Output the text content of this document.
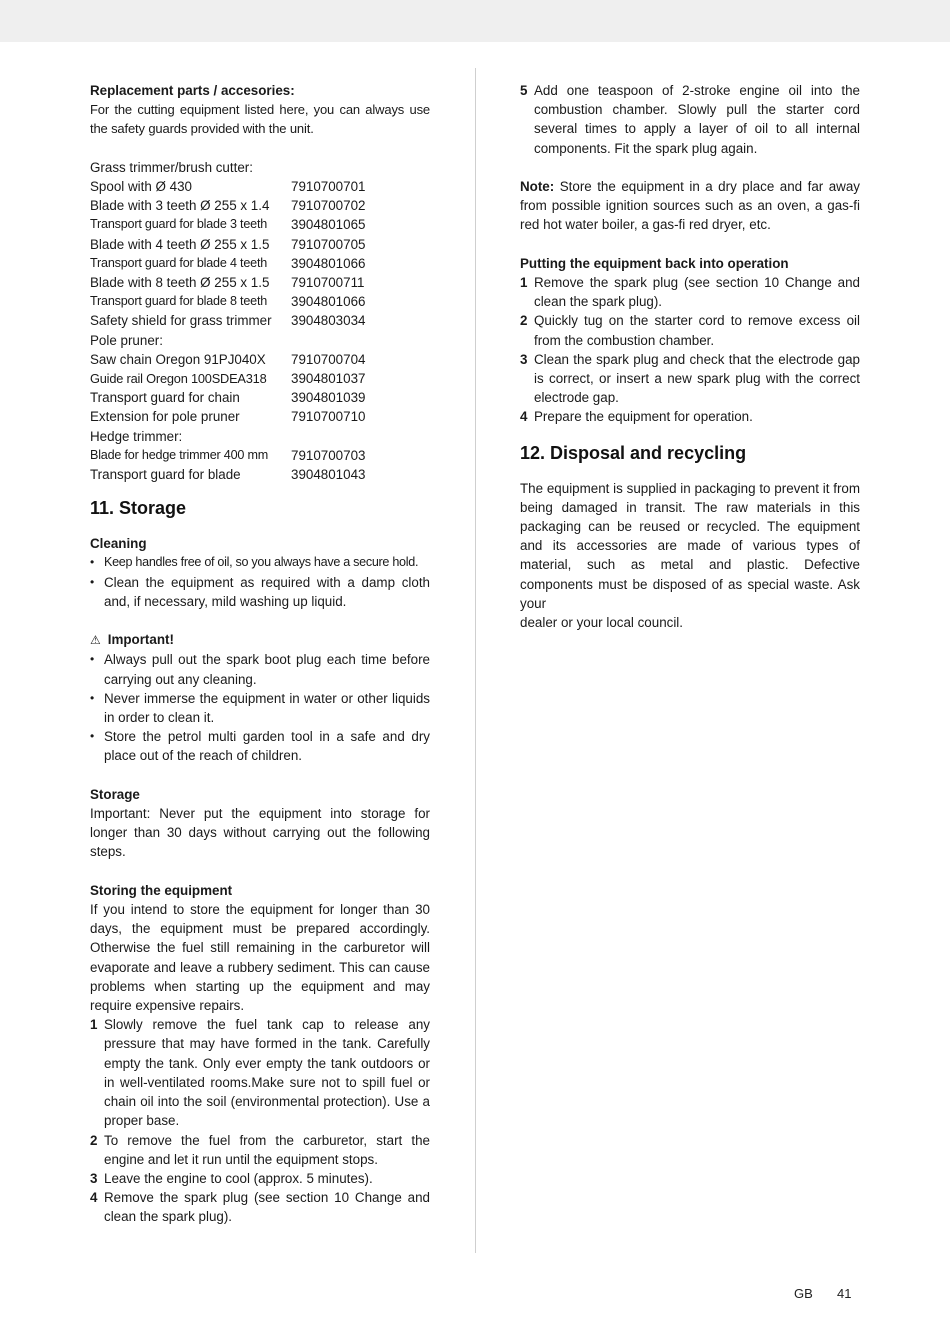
Replacement parts / accesories:
For the cutting equipment listed here, you can always use the safety guards provided with the unit.
Grass trimmer/brush cutter:
Spool with Ø 430	7910700701
Blade with 3 teeth Ø 255 x 1.4	7910700702
Transport guard for blade 3 teeth	3904801065
Blade with 4 teeth Ø 255 x 1.5	7910700705
Transport guard for blade 4 teeth	3904801066
Blade with 8 teeth Ø 255 x 1.5	7910700711
Transport guard for blade 8 teeth	3904801066
Safety shield for grass trimmer	3904803034
Pole pruner:
Saw chain Oregon 91PJ040X	7910700704
Guide rail Oregon 100SDEA318	3904801037
Transport guard for chain	3904801039
Extension for pole pruner	7910700710
Hedge trimmer:
Blade for hedge trimmer 400 mm	7910700703
Transport guard for blade	3904801043
11. Storage
Cleaning
• Keep handles free of oil, so you always have a secure hold.
• Clean the equipment as required with a damp cloth and, if necessary, mild washing up liquid.
⚠ Important!
• Always pull out the spark boot plug each time before carrying out any cleaning.
• Never immerse the equipment in water or other liquids in order to clean it.
• Store the petrol multi garden tool in a safe and dry place out of the reach of children.
Storage
Important: Never put the equipment into storage for longer than 30 days without carrying out the following steps.
Storing the equipment
If you intend to store the equipment for longer than 30 days, the equipment must be prepared accordingly. Otherwise the fuel still remaining in the carburetor will evaporate and leave a rubbery sediment. This can cause problems when starting up the equipment and may require expensive repairs.
1 Slowly remove the fuel tank cap to release any pressure that may have formed in the tank. Carefully empty the tank. Only ever empty the tank outdoors or in well-ventilated rooms.Make sure not to spill fuel or chain oil into the soil (environmental protection). Use a proper base.
2 To remove the fuel from the carburetor, start the engine and let it run until the equipment stops.
3 Leave the engine to cool (approx. 5 minutes).
4 Remove the spark plug (see section 10 Change and clean the spark plug).
5 Add one teaspoon of 2-stroke engine oil into the combustion chamber. Slowly pull the starter cord several times to apply a layer of oil to all internal components. Fit the spark plug again.
Note: Store the equipment in a dry place and far away from possible ignition sources such as an oven, a gas-fi red hot water boiler, a gas-fi red dryer, etc.
Putting the equipment back into operation
1 Remove the spark plug (see section 10 Change and clean the spark plug).
2 Quickly tug on the starter cord to remove excess oil from the combustion chamber.
3 Clean the spark plug and check that the electrode gap is correct, or insert a new spark plug with the correct electrode gap.
4 Prepare the equipment for operation.
12. Disposal and recycling
The equipment is supplied in packaging to prevent it from being damaged in transit. The raw materials in this packaging can be reused or recycled. The equipment and its accessories are made of various types of material, such as metal and plastic. Defective components must be disposed of as special waste. Ask your
dealer or your local council.
GB 41
